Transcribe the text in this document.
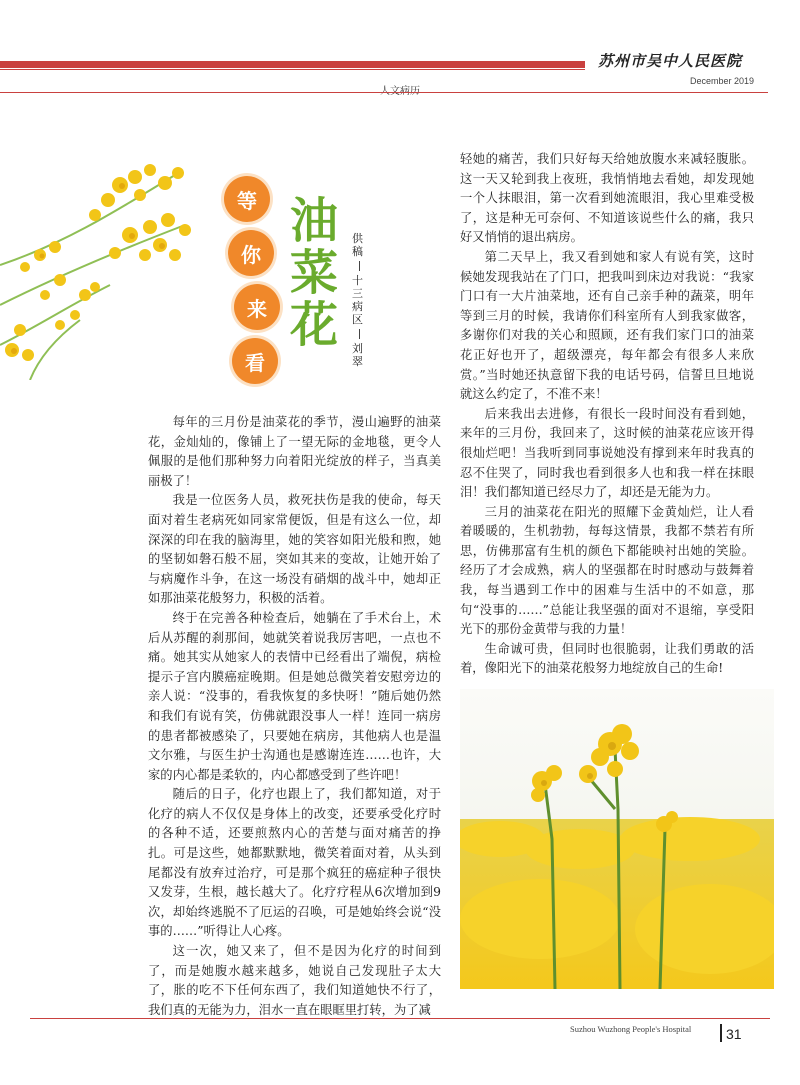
苏州市吴中人民医院
December 2019
等
你
来
看
油
菜
花
供稿
十三病区
刘翠

每年的三月份是油菜花的季节，漫山遍野的油菜花，金灿灿的，像铺上了一望无际的金地毯，更令人佩服的是他们那种努力向着阳光绽放的样子，当真美丽极了！

我是一位医务人员，救死扶伤是我的使命，每天面对着生老病死如同家常便饭，但是有这么一位，却深深的印在我的脑海里，她的笑容如阳光般和煦，她的坚韧如磐石般不屈，突如其来的变故，让她开始了与病魔作斗争，在这一场没有硝烟的战斗中，她却正如那油菜花般努力，积极的活着。

终于在完善各种检查后，她躺在了手术台上，术后从苏醒的刹那间，她就笑着说我厉害吧，一点也不痛。她其实从她家人的表情中已经看出了端倪，病检提示子宫内膜癌症晚期。但是她总微笑着安慰旁边的亲人说：“没事的，看我恢复的多快呀！”随后她仍然和我们有说有笑，仿佛就跟没事人一样！连同一病房的患者都被感染了，只要她在病房，其他病人也是温文尔雅，与医生护士沟通也是感谢连连……也许，大家的内心都是柔软的，内心都感受到了些许吧！

随后的日子，化疗也跟上了，我们都知道，对于化疗的病人不仅仅是身体上的改变，还要承受化疗时的各种不适，还要煎熬内心的苦楚与面对痛苦的挣扎。可是这些，她都默默地，微笑着面对着，从头到尾都没有放弃过治疗，可是那个疯狂的癌症种子很快又发芽，生根，越长越大了。化疗疗程从6次增加到9次，却始终逃脱不了厄运的召唤，可是她始终会说“没事的……”听得让人心疼。

这一次，她又来了，但不是因为化疗的时间到了，而是她腹水越来越多，她说自己发现肚子太大了，胀的吃不下任何东西了，我们知道她快不行了，我们真的无能为力，泪水一直在眼眶里打转，为了减

轻她的痛苦，我们只好每天给她放腹水来减轻腹胀。这一天又轮到我上夜班，我悄悄地去看她，却发现她一个人抹眼泪，第一次看到她流眼泪，我心里难受极了，这是种无可奈何、不知道该说些什么的痛，我只好又悄悄的退出病房。

第二天早上，我又看到她和家人有说有笑，这时候她发现我站在了门口，把我叫到床边对我说：“我家门口有一大片油菜地，还有自己亲手种的蔬菜，明年等到三月的时候，我请你们科室所有人到我家做客，多谢你们对我的关心和照顾，还有我们家门口的油菜花正好也开了，超级漂亮，每年都会有很多人来欣赏。”当时她还执意留下我的电话号码，信誓旦旦地说就这么约定了，不准不来！

后来我出去进修，有很长一段时间没有看到她，来年的三月份，我回来了，这时候的油菜花应该开得很灿烂吧！当我听到同事说她没有撑到来年时我真的忍不住哭了，同时我也看到很多人也和我一样在抹眼泪！我们都知道已经尽力了，却还是无能为力。

三月的油菜花在阳光的照耀下金黄灿烂，让人看着暖暖的，生机勃勃，每每这情景，我都不禁若有所思，仿佛那富有生机的颜色下都能映衬出她的笑脸。经历了才会成熟，病人的坚强都在时时感动与鼓舞着我，每当遇到工作中的困难与生活中的不如意，那句“没事的……”总能让我坚强的面对不退缩，享受阳光下的那份金黄带与我的力量！

生命诚可贵，但同时也很脆弱，让我们勇敢的活着，像阳光下的油菜花般努力地绽放自己的生命!

Suzhou Wuzhong People's Hospital 31
